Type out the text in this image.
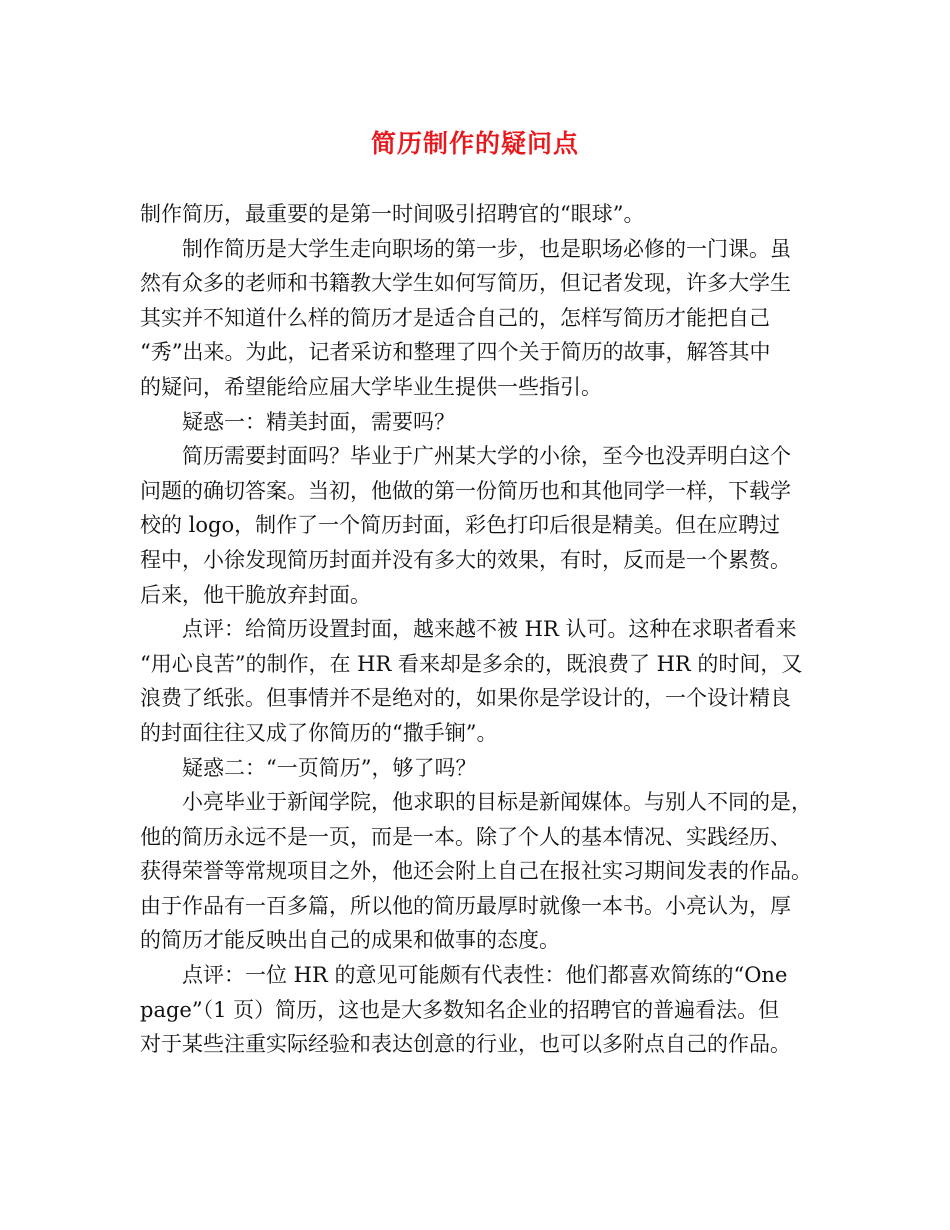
简历制作的疑问点

制作简历，最重要的是第一时间吸引招聘官的“眼球”。

制作简历是大学生走向职场的第一步，也是职场必修的一门课。虽
然有众多的老师和书籍教大学生如何写简历，但记者发现，许多大学生
其实并不知道什么样的简历才是适合自己的，怎样写简历才能把自己
“秀”出来。为此，记者采访和整理了四个关于简历的故事，解答其中
的疑问，希望能给应届大学毕业生提供一些指引。

疑惑一：精美封面，需要吗？

简历需要封面吗？毕业于广州某大学的小徐，至今也没弄明白这个
问题的确切答案。当初，他做的第一份简历也和其他同学一样，下载学
校的 logo，制作了一个简历封面，彩色打印后很是精美。但在应聘过
程中，小徐发现简历封面并没有多大的效果，有时，反而是一个累赘。
后来，他干脆放弃封面。

点评：给简历设置封面，越来越不被 HR 认可。这种在求职者看来
“用心良苦”的制作，在 HR 看来却是多余的，既浪费了 HR 的时间，又
浪费了纸张。但事情并不是绝对的，如果你是学设计的，一个设计精良
的封面往往又成了你简历的“撒手锏”。

疑惑二：“一页简历”，够了吗？

小亮毕业于新闻学院，他求职的目标是新闻媒体。与别人不同的是，
他的简历永远不是一页，而是一本。除了个人的基本情况、实践经历、
获得荣誉等常规项目之外，他还会附上自己在报社实习期间发表的作品。
由于作品有一百多篇，所以他的简历最厚时就像一本书。小亮认为，厚
的简历才能反映出自己的成果和做事的态度。

点评：一位 HR 的意见可能颇有代表性：他们都喜欢简练的“One
page”（1 页）简历，这也是大多数知名企业的招聘官的普遍看法。但
对于某些注重实际经验和表达创意的行业，也可以多附点自己的作品。
